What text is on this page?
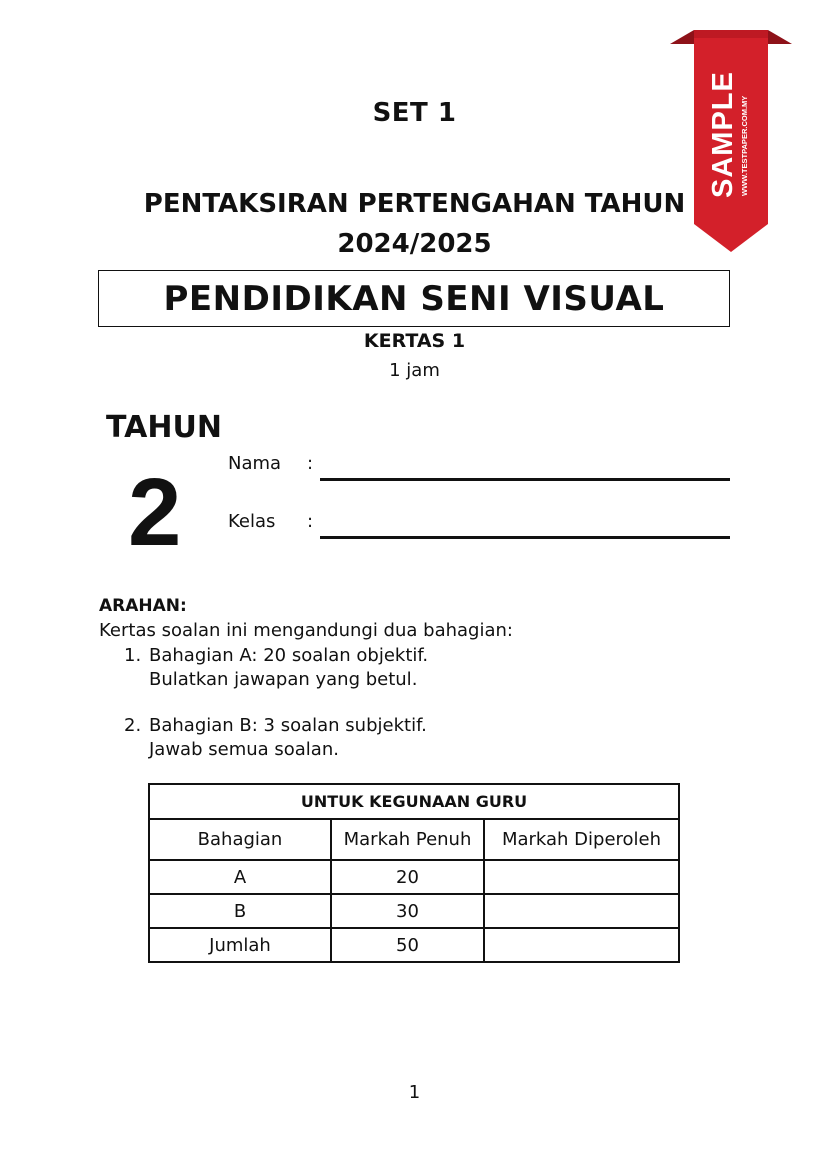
SET 1
PENTAKSIRAN PERTENGAHAN TAHUN
2024/2025
PENDIDIKAN SENI VISUAL
KERTAS 1
1 jam
TAHUN
2	Nama :
Kelas :
ARAHAN:
Kertas soalan ini mengandungi dua bahagian:
1. Bahagian A: 20 soalan objektif.
Bulatkan jawapan yang betul.
2. Bahagian B: 3 soalan subjektif.
Jawab semua soalan.
UNTUK KEGUNAAN GURU		
Bahagian	Markah Penuh	Markah Diperoleh
A	20	
B	30	
Jumlah	50	
1
SAMPLE WWW.TESTPAPER.COM.MY
